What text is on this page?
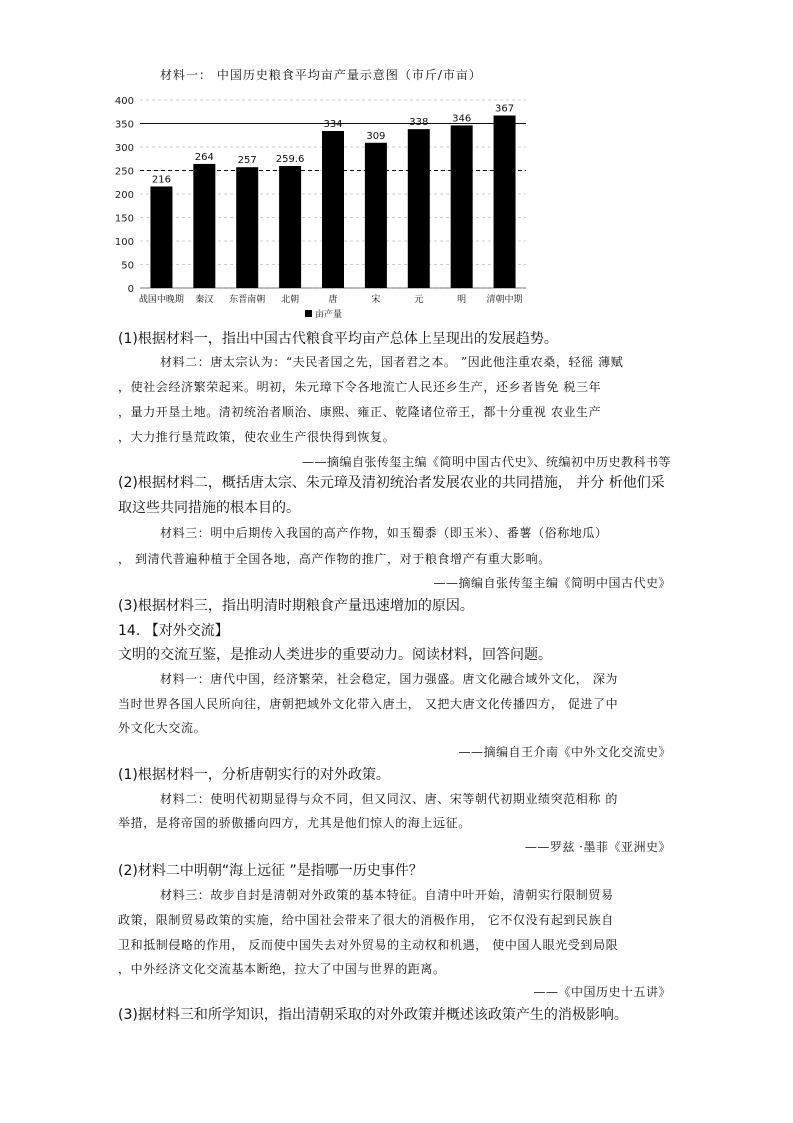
材料一： 中国历史粮食平均亩产量示意图（市斤/市亩）
0
50
100
150
200
250
300
350
400
216
战国中晚期
264
秦汉
257
东晋南朝
259.6
北朝
334
唐
309
宋
338
元
346
明
367
清朝中期
亩产量
(1)根据材料一，指出中国古代粮食平均亩产总体上呈现出的发展趋势。
材料二：唐太宗认为：“夫民者国之先，国者君之本。 ”因此他注重农桑，轻徭 薄赋
，使社会经济繁荣起来。明初，朱元璋下令各地流亡人民还乡生产，还乡者皆免 税三年
，量力开垦土地。清初统治者顺治、康熙、雍正、乾隆诸位帝王，都十分重视 农业生产
，大力推行垦荒政策，使农业生产很快得到恢复。
——摘编自张传玺主编《简明中国古代史》、统编初中历史教科书等
(2)根据材料二，概括唐太宗、朱元璋及清初统治者发展农业的共同措施， 并分 析他们采
取这些共同措施的根本目的。
材料三：明中后期传入我国的高产作物，如玉蜀黍（即玉米）、番薯（俗称地瓜）
， 到清代普遍种植于全国各地，高产作物的推广，对于粮食增产有重大影响。
——摘编自张传玺主编《简明中国古代史》
(3)根据材料三，指出明清时期粮食产量迅速增加的原因。
14. 【对外交流】
文明的交流互鉴，是推动人类进步的重要动力。阅读材料，回答问题。
材料一：唐代中国，经济繁荣，社会稳定，国力强盛。唐文化融合域外文化， 深为
当时世界各国人民所向往，唐朝把域外文化带入唐土， 又把大唐文化传播四方， 促进了中
外文化大交流。
——摘编自王介南《中外文化交流史》
(1)根据材料一，分析唐朝实行的对外政策。
材料二：使明代初期显得与众不同，但又同汉、唐、宋等朝代初期业绩突范相称 的
举措，是将帝国的骄傲播向四方，尤其是他们惊人的海上远征。
——罗兹 ·墨菲《亚洲史》
(2)材料二中明朝“海上远征 ”是指哪一历史事件？
材料三：故步自封是清朝对外政策的基本特征。自清中叶开始，清朝实行限制贸易
政策，限制贸易政策的实施，给中国社会带来了很大的消极作用， 它不仅没有起到民族自
卫和抵制侵略的作用， 反而使中国失去对外贸易的主动权和机遇， 使中国人眼光受到局限
，中外经济文化交流基本断绝，拉大了中国与世界的距离。
——《中国历史十五讲》
(3)据材料三和所学知识，指出清朝采取的对外政策并概述该政策产生的消极影响。
